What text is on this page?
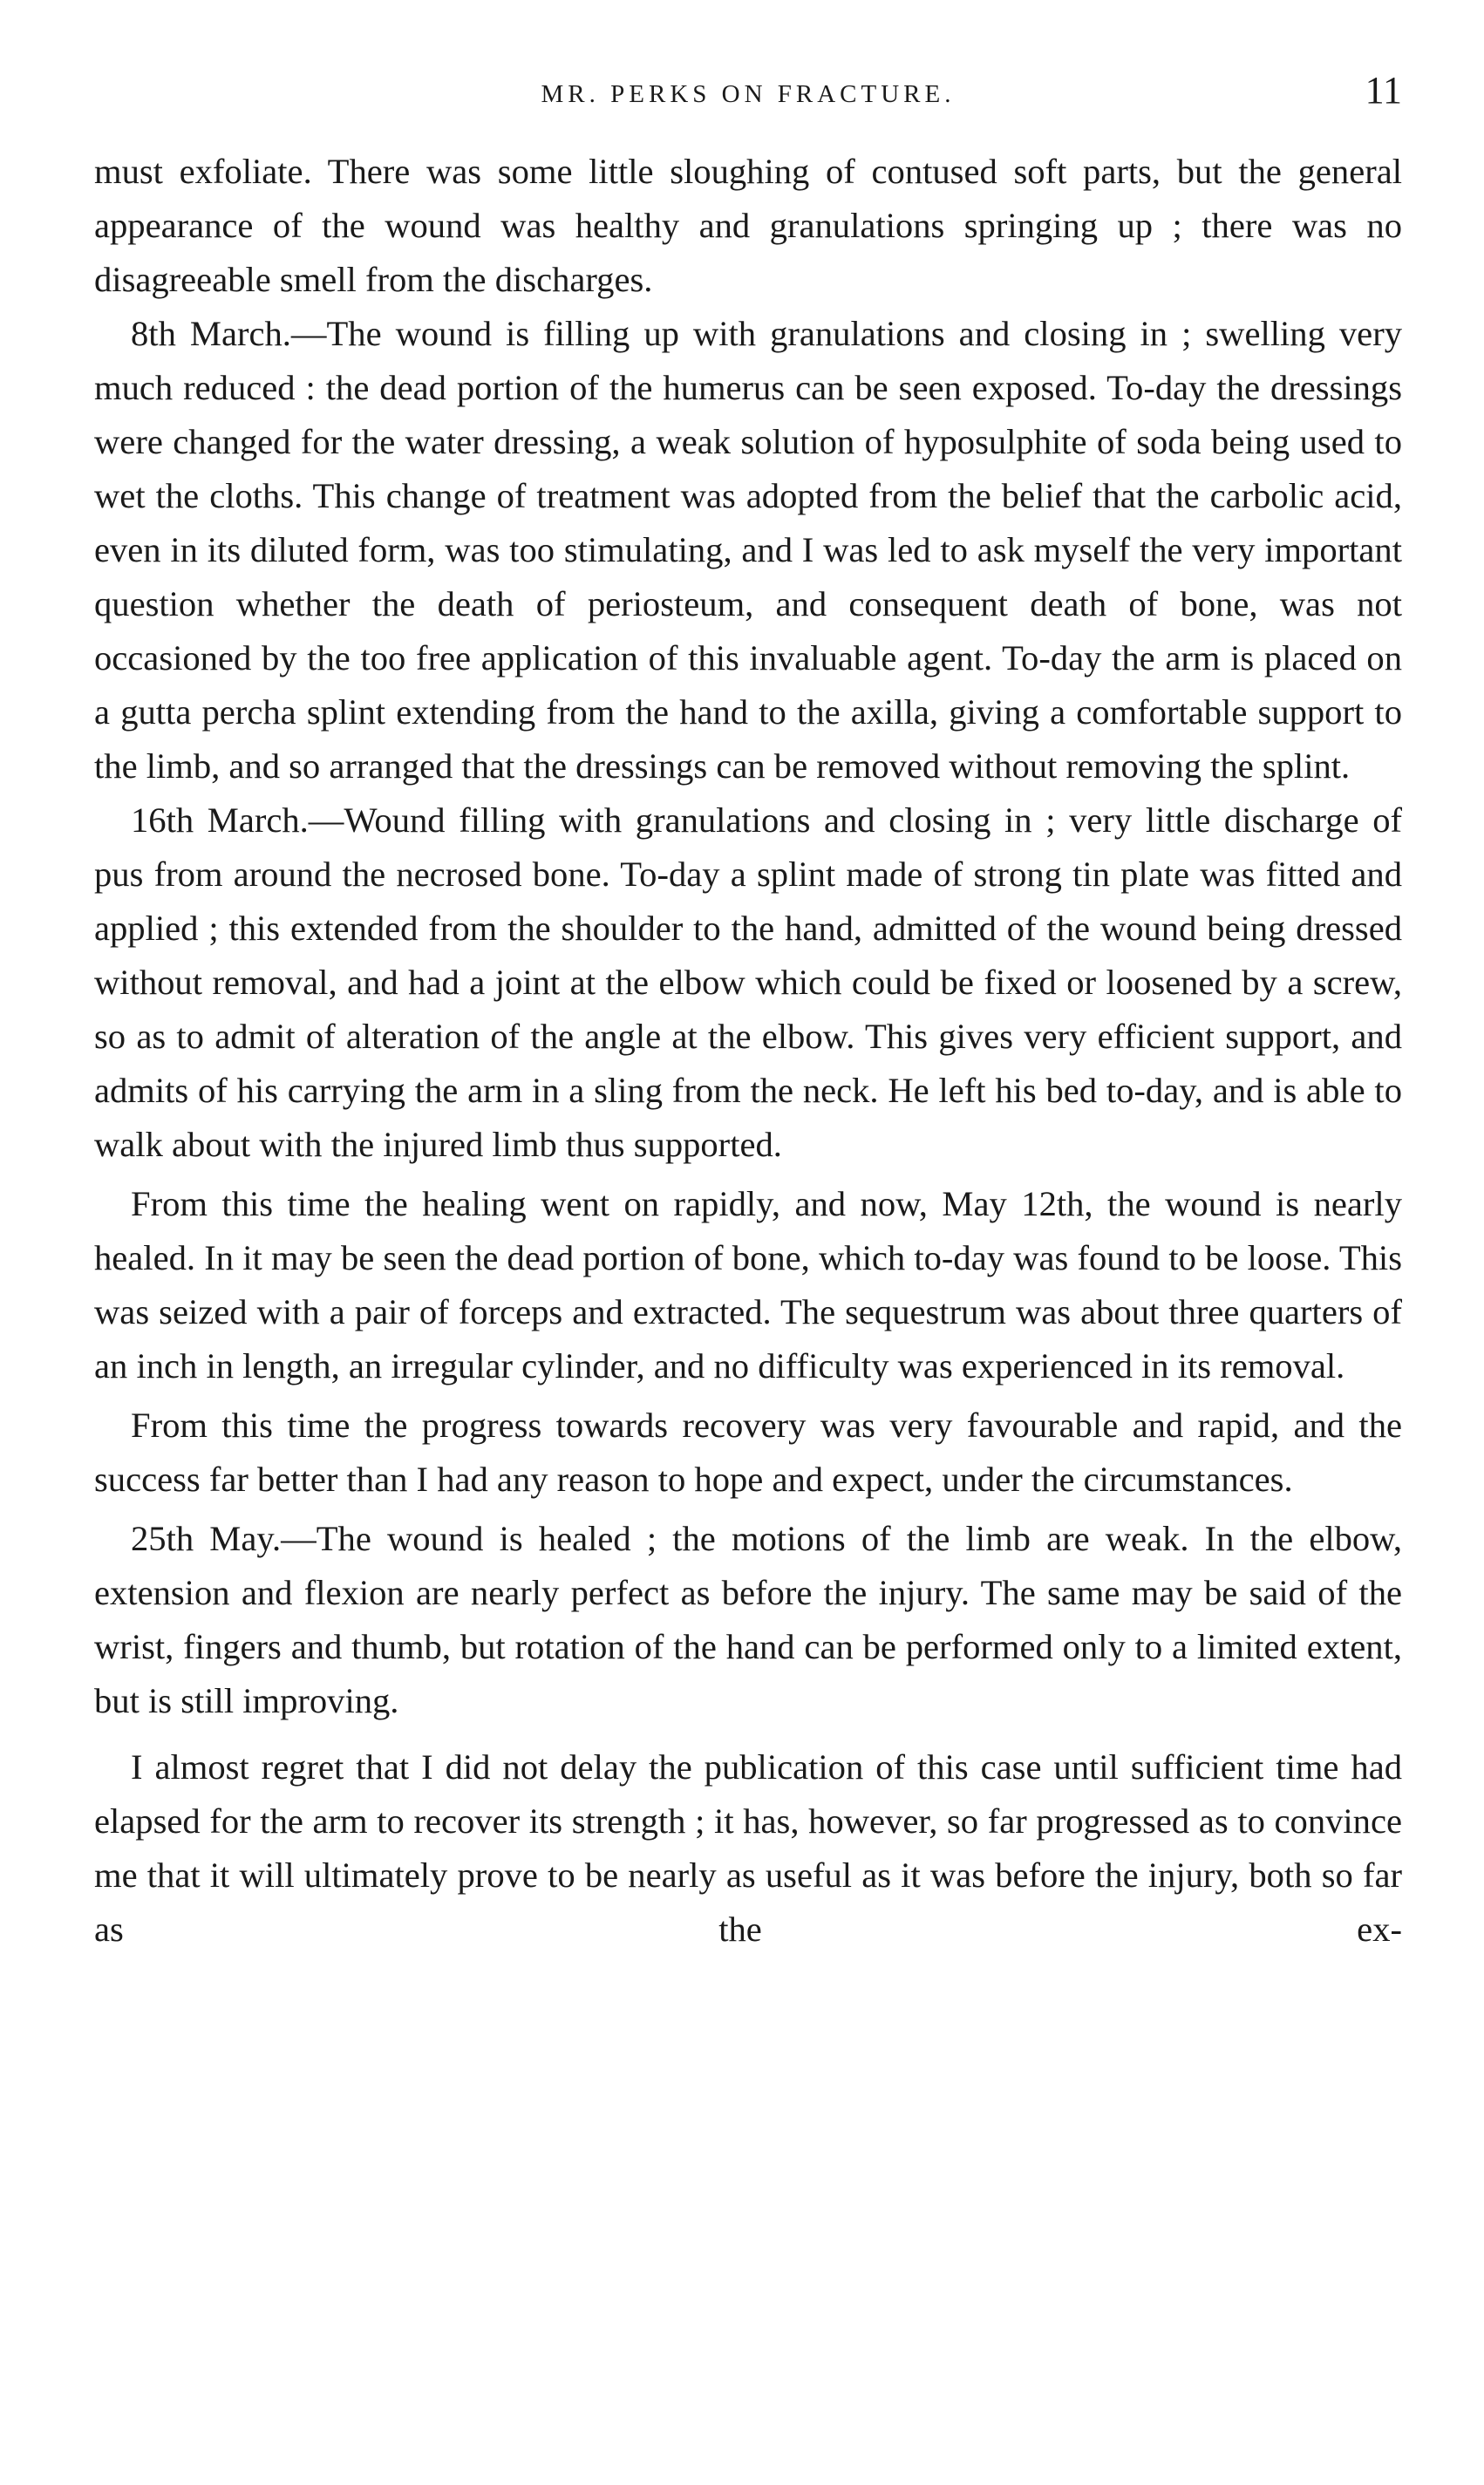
MR. PERKS ON FRACTURE.	11

must exfoliate. There was some little sloughing of contused soft parts, but the general appearance of the wound was healthy and granulations springing up ; there was no disagreeable smell from the discharges.

8th March.—The wound is filling up with granulations and closing in ; swelling very much reduced : the dead portion of the humerus can be seen exposed. To-day the dressings were changed for the water dressing, a weak solution of hyposulphite of soda being used to wet the cloths. This change of treatment was adopted from the belief that the carbolic acid, even in its diluted form, was too stimulating, and I was led to ask myself the very important question whether the death of periosteum, and consequent death of bone, was not occasioned by the too free application of this invaluable agent. To-day the arm is placed on a gutta percha splint extending from the hand to the axilla, giving a comfortable support to the limb, and so arranged that the dressings can be removed without removing the splint.

16th March.—Wound filling with granulations and closing in ; very little discharge of pus from around the necrosed bone. To-day a splint made of strong tin plate was fitted and applied ; this extended from the shoulder to the hand, admitted of the wound being dressed without removal, and had a joint at the elbow which could be fixed or loosened by a screw, so as to admit of alteration of the angle at the elbow. This gives very efficient support, and admits of his carrying the arm in a sling from the neck. He left his bed to-day, and is able to walk about with the injured limb thus supported.

From this time the healing went on rapidly, and now, May 12th, the wound is nearly healed. In it may be seen the dead portion of bone, which to-day was found to be loose. This was seized with a pair of forceps and extracted. The sequestrum was about three quarters of an inch in length, an irregular cylinder, and no difficulty was experienced in its removal.

From this time the progress towards recovery was very favourable and rapid, and the success far better than I had any reason to hope and expect, under the circumstances.

25th May.—The wound is healed ; the motions of the limb are weak. In the elbow, extension and flexion are nearly perfect as before the injury. The same may be said of the wrist, fingers and thumb, but rotation of the hand can be performed only to a limited extent, but is still improving.

I almost regret that I did not delay the publication of this case until sufficient time had elapsed for the arm to recover its strength ; it has, however, so far progressed as to convince me that it will ultimately prove to be nearly as useful as it was before the injury, both so far as the ex-
